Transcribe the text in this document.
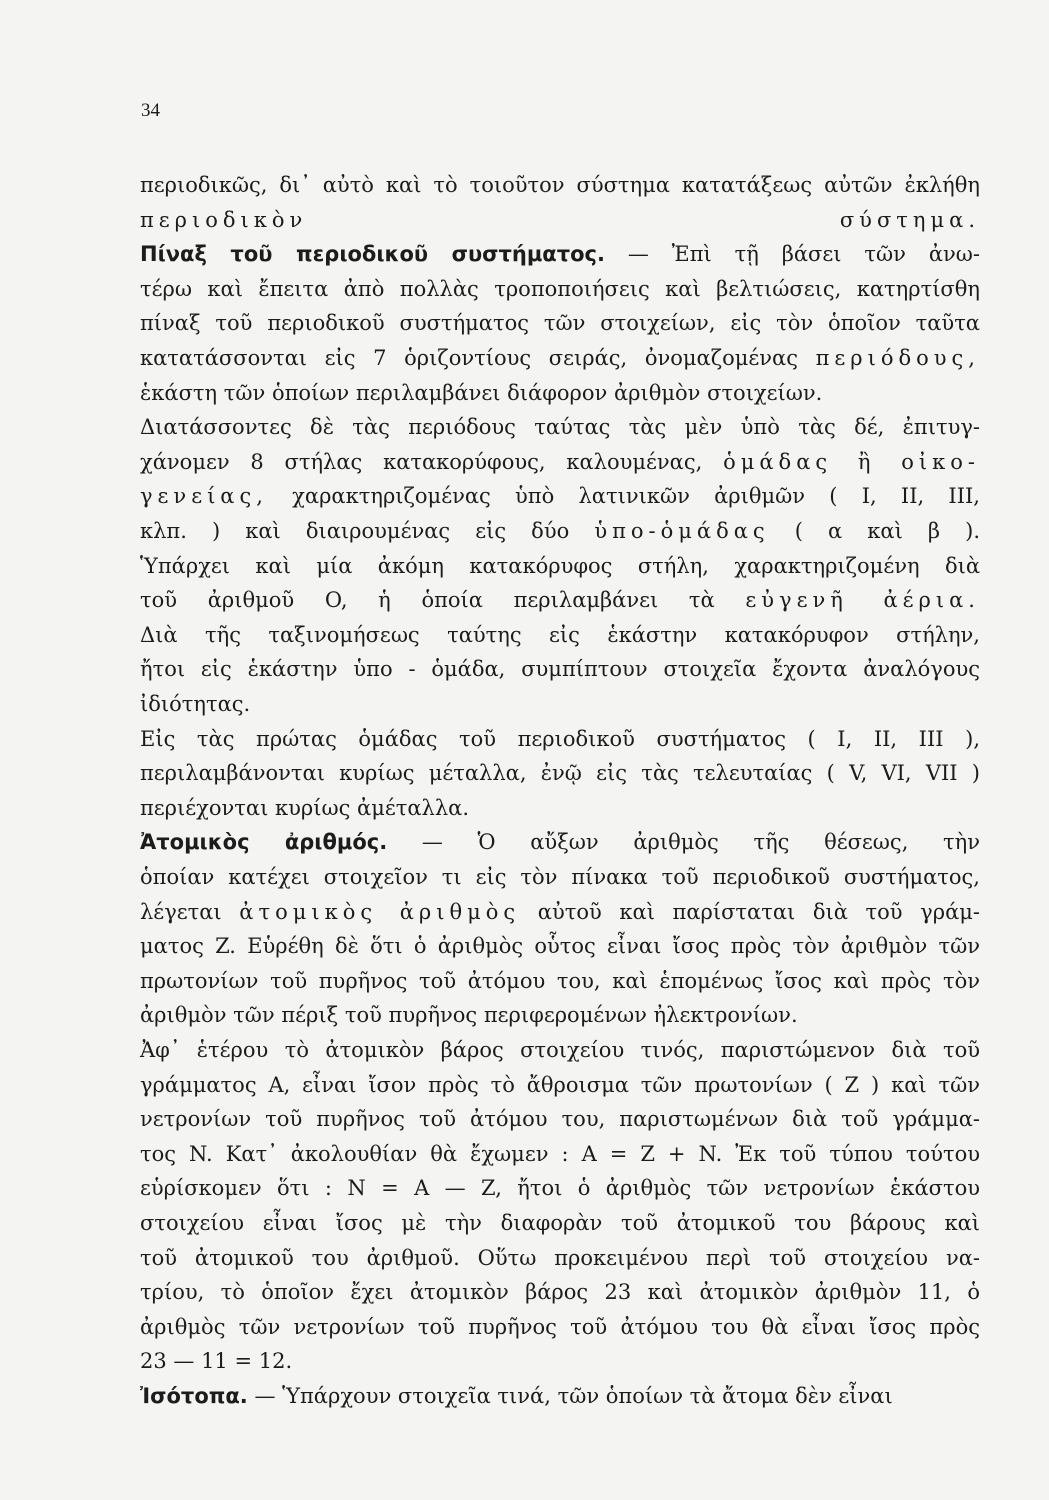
34
περιοδικῶς, δι᾽ αὐτὸ καὶ τὸ τοιοῦτον σύστημα κατατάξεως αὐτῶν ἐκλήθη
περιοδικὸν σύστημα.
Πίναξ τοῦ περιοδικοῦ συστήματος. — Ἐπὶ τῇ βάσει τῶν ἀνω-
τέρω καὶ ἔπειτα ἀπὸ πολλὰς τροποποιήσεις καὶ βελτιώσεις, κατηρτίσθη
πίναξ τοῦ περιοδικοῦ συστήματος τῶν στοιχείων, εἰς τὸν ὁποῖον ταῦτα
κατατάσσονται εἰς 7 ὁριζοντίους σειράς, ὀνομαζομένας περιόδους,
ἑκάστη τῶν ὁποίων περιλαμβάνει διάφορον ἀριθμὸν στοιχείων.
Διατάσσοντες δὲ τὰς περιόδους ταύτας τὰς μὲν ὑπὸ τὰς δέ, ἐπιτυγ-
χάνομεν 8 στήλας κατακορύφους, καλουμένας, ὁμάδας ἢ οἰκο-
γενείας, χαρακτηριζομένας ὑπὸ λατινικῶν ἀριθμῶν ( I, II, III,
κλπ. ) καὶ διαιρουμένας εἰς δύο ὑπο-ὁμάδας ( α καὶ β ).
Ὑπάρχει καὶ μία ἀκόμη κατακόρυφος στήλη, χαρακτηριζομένη διὰ
τοῦ ἀριθμοῦ O, ἡ ὁποία περιλαμβάνει τὰ εὐγενῆ ἀέρια.
Διὰ τῆς ταξινομήσεως ταύτης εἰς ἑκάστην κατακόρυφον στήλην,
ἤτοι εἰς ἑκάστην ὑπο - ὁμάδα, συμπίπτουν στοιχεῖα ἔχοντα ἀναλόγους
ἰδιότητας.
Εἰς τὰς πρώτας ὁμάδας τοῦ περιοδικοῦ συστήματος ( I, II, III ),
περιλαμβάνονται κυρίως μέταλλα, ἐνῷ εἰς τὰς τελευταίας ( V, VI, VII )
περιέχονται κυρίως ἀμέταλλα.
Ἀτομικὸς ἀριθμός. — Ὁ αὔξων ἀριθμὸς τῆς θέσεως, τὴν
ὁποίαν κατέχει στοιχεῖον τι εἰς τὸν πίνακα τοῦ περιοδικοῦ συστήματος,
λέγεται ἀτομικὸς ἀριθμὸς αὐτοῦ καὶ παρίσταται διὰ τοῦ γράμ-
ματος Z. Εὑρέθη δὲ ὅτι ὁ ἀριθμὸς οὗτος εἶναι ἴσος πρὸς τὸν ἀριθμὸν τῶν
πρωτονίων τοῦ πυρῆνος τοῦ ἀτόμου του, καὶ ἑπομένως ἴσος καὶ πρὸς τὸν
ἀριθμὸν τῶν πέριξ τοῦ πυρῆνος περιφερομένων ἠλεκτρονίων.
Ἀφ᾽ ἑτέρου τὸ ἀτομικὸν βάρος στοιχείου τινός, παριστώμενον διὰ τοῦ
γράμματος A, εἶναι ἴσον πρὸς τὸ ἄθροισμα τῶν πρωτονίων ( Z ) καὶ τῶν
νετρονίων τοῦ πυρῆνος τοῦ ἀτόμου του, παριστωμένων διὰ τοῦ γράμμα-
τος N. Κατ᾽ ἀκολουθίαν θὰ ἔχωμεν : A = Z + N. Ἐκ τοῦ τύπου τούτου
εὑρίσκομεν ὅτι : N = A — Z, ἤτοι ὁ ἀριθμὸς τῶν νετρονίων ἑκάστου
στοιχείου εἶναι ἴσος μὲ τὴν διαφορὰν τοῦ ἀτομικοῦ του βάρους καὶ
τοῦ ἀτομικοῦ του ἀριθμοῦ. Οὕτω προκειμένου περὶ τοῦ στοιχείου να-
τρίου, τὸ ὁποῖον ἔχει ἀτομικὸν βάρος 23 καὶ ἀτομικὸν ἀριθμὸν 11, ὁ
ἀριθμὸς τῶν νετρονίων τοῦ πυρῆνος τοῦ ἀτόμου του θὰ εἶναι ἴσος πρὸς
23 — 11 = 12.
Ἰσότοπα. — Ὑπάρχουν στοιχεῖα τινά, τῶν ὁποίων τὰ ἄτομα δὲν εἶναι
